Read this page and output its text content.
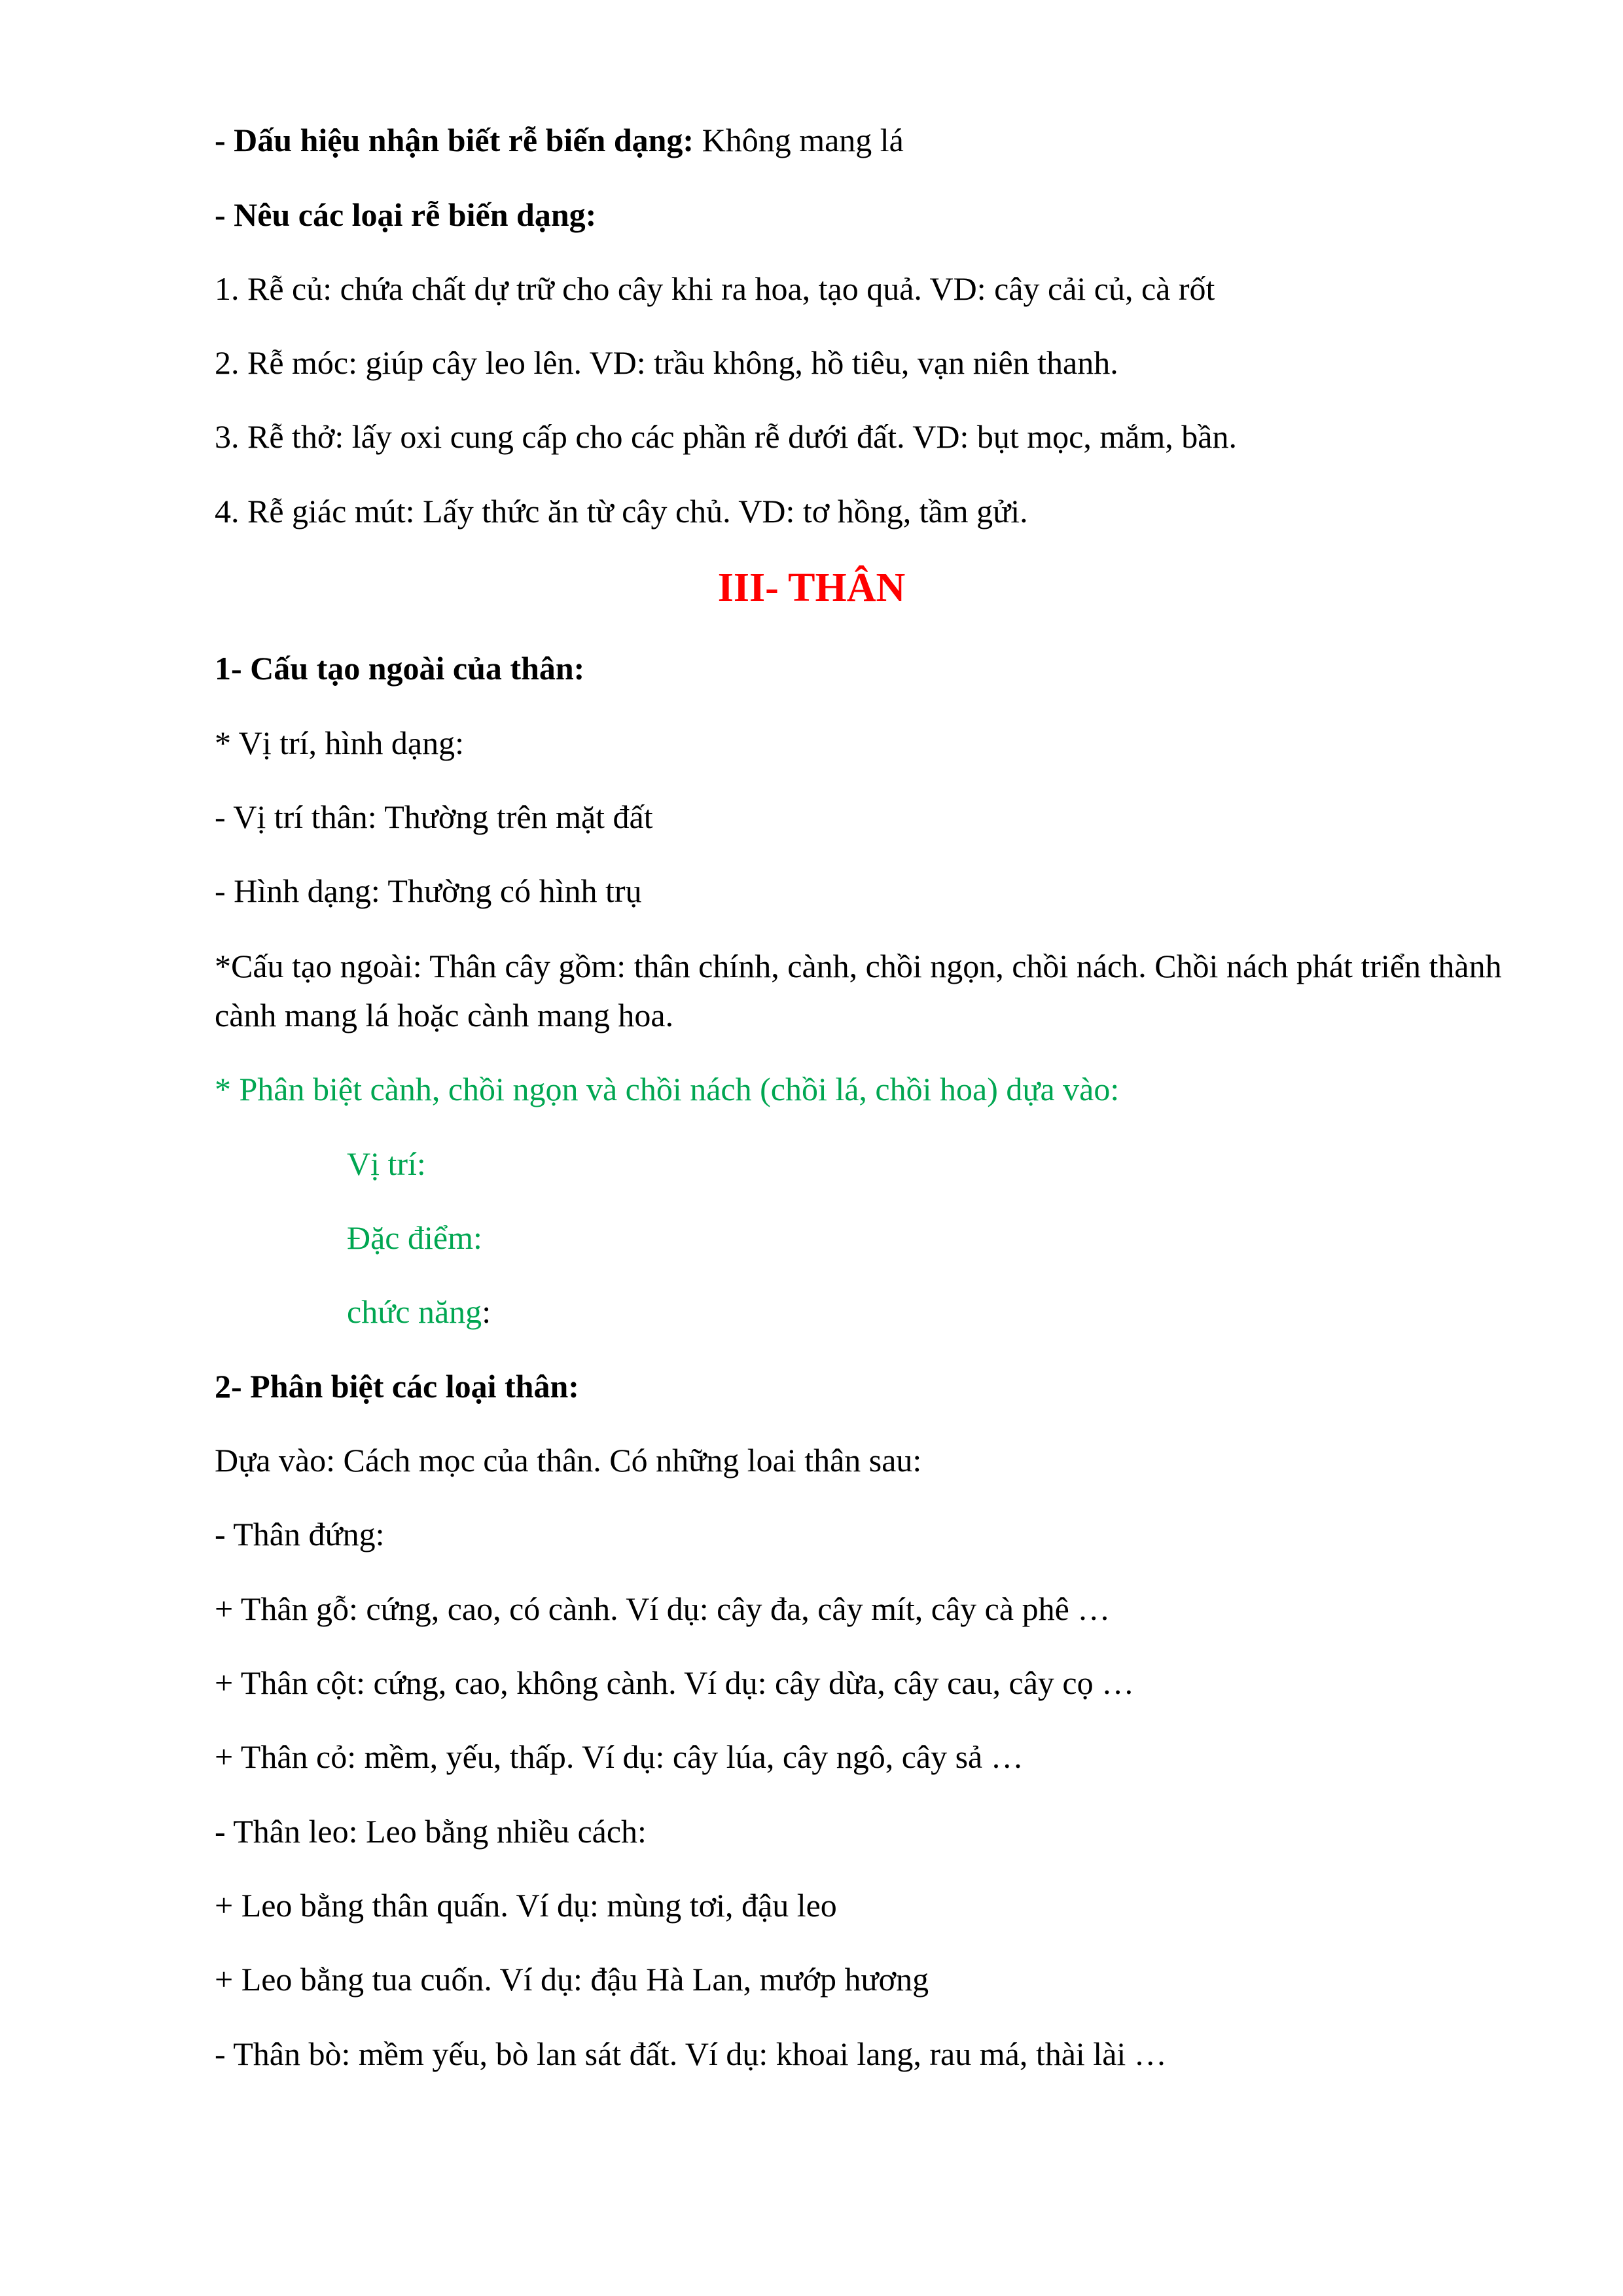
- Dấu hiệu nhận biết rễ biến dạng: Không mang lá
- Nêu các loại rễ biến dạng:
1. Rễ củ: chứa chất dự trữ cho cây khi ra hoa, tạo quả. VD: cây cải củ, cà rốt
2. Rễ móc: giúp cây leo lên. VD: trầu không, hồ tiêu, vạn niên thanh.
3. Rễ thở: lấy oxi cung cấp cho các phần rễ dưới đất. VD: bụt mọc, mắm, bần.
4. Rễ giác mút: Lấy thức ăn từ cây chủ. VD: tơ hồng, tầm gửi.
III- THÂN
1- Cấu tạo ngoài của thân:
* Vị trí, hình dạng:
- Vị trí thân: Thường trên mặt đất
- Hình dạng: Thường có hình trụ
*Cấu tạo ngoài: Thân cây gồm: thân chính, cành, chồi ngọn, chồi nách. Chồi nách phát triển thành cành mang lá hoặc cành mang hoa.
* Phân biệt cành, chồi ngọn và chồi nách (chồi lá, chồi hoa) dựa vào:
Vị trí:
Đặc điểm:
chức năng:
2- Phân biệt các loại thân:
Dựa vào: Cách mọc của thân. Có những loai thân sau:
- Thân đứng:
+ Thân gỗ: cứng, cao, có cành. Ví dụ: cây đa, cây mít, cây cà phê …
+ Thân cột: cứng, cao, không cành. Ví dụ: cây dừa, cây cau, cây cọ …
+ Thân cỏ: mềm, yếu, thấp. Ví dụ: cây lúa, cây ngô, cây sả …
- Thân leo: Leo bằng nhiều cách:
+ Leo bằng thân quấn. Ví dụ: mùng tơi, đậu leo
+ Leo bằng tua cuốn. Ví dụ: đậu Hà Lan, mướp hương
- Thân bò: mềm yếu, bò lan sát đất. Ví dụ: khoai lang, rau má, thài lài …
